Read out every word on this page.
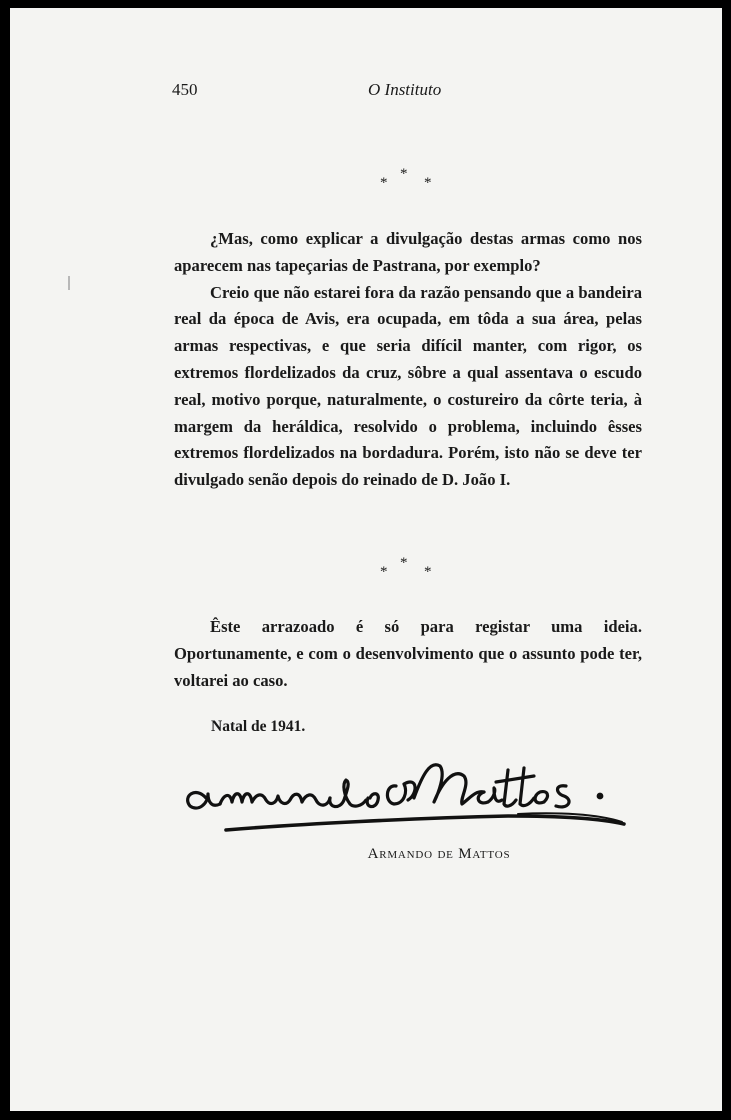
450	O Instituto
*
* *

¿Mas, como explicar a divulgação destas armas como nos aparecem nas tapeçarias de Pastrana, por exemplo?

Creio que não estarei fora da razão pensando que a bandeira real da época de Avis, era ocupada, em tôda a sua área, pelas armas respectivas, e que seria difícil manter, com rigor, os extremos flordelizados da cruz, sôbre a qual assentava o escudo real, motivo porque, naturalmente, o costureiro da côrte teria, à margem da heráldica, resolvido o problema, incluindo êsses extremos flordelizados na bordadura. Porém, isto não se deve ter divulgado senão depois do reinado de D. João I.

*
* *

Êste arrazoado é só para registar uma ideia. Oportunamente, e com o desenvolvimento que o assunto pode ter, voltarei ao caso.

Natal de 1941.
Armando de Mattos
